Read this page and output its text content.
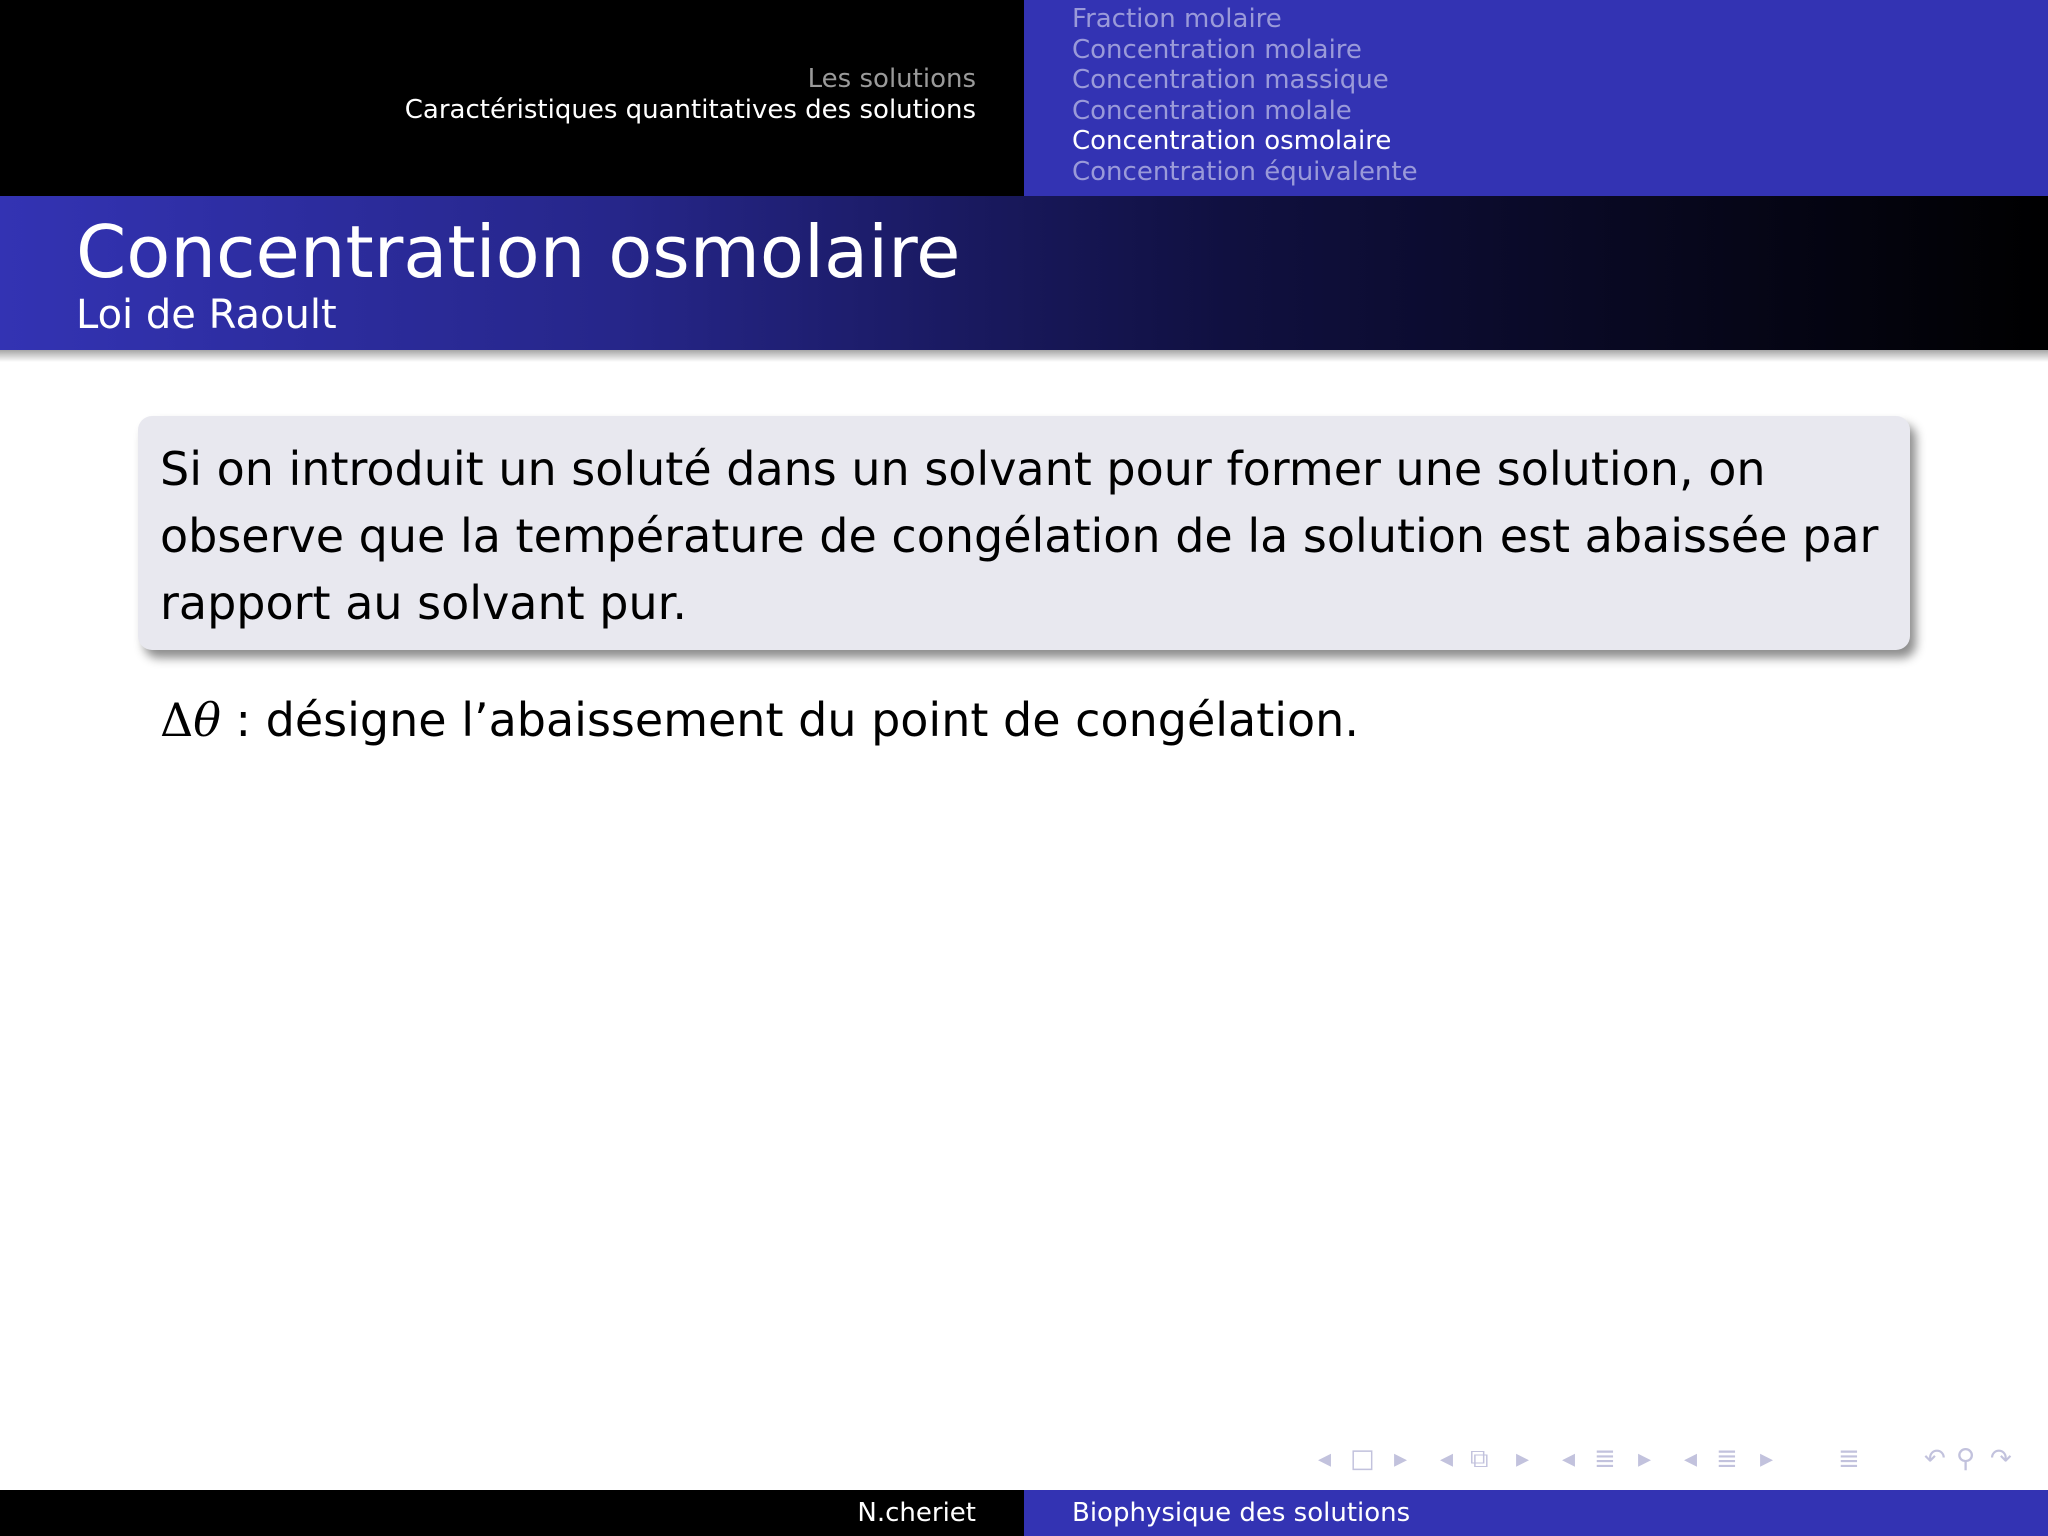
Les solutions
Caractéristiques quantitatives des solutions
Fraction molaire
Concentration molaire
Concentration massique
Concentration molale
Concentration osmolaire
Concentration équivalente
Concentration osmolaire
Loi de Raoult

Si on introduit un soluté dans un solvant pour former une solution, on observe que la température de congélation de la solution est abaissée par rapport au solvant pur.

Δθ : désigne l’abaissement du point de congélation.
◂ □ ▸ ◂ ⧉ ▸ ◂ ≣ ▸ ◂ ≣ ▸ ≣ ↶ ⚲ ↷
N.cheriet	Biophysique des solutions
